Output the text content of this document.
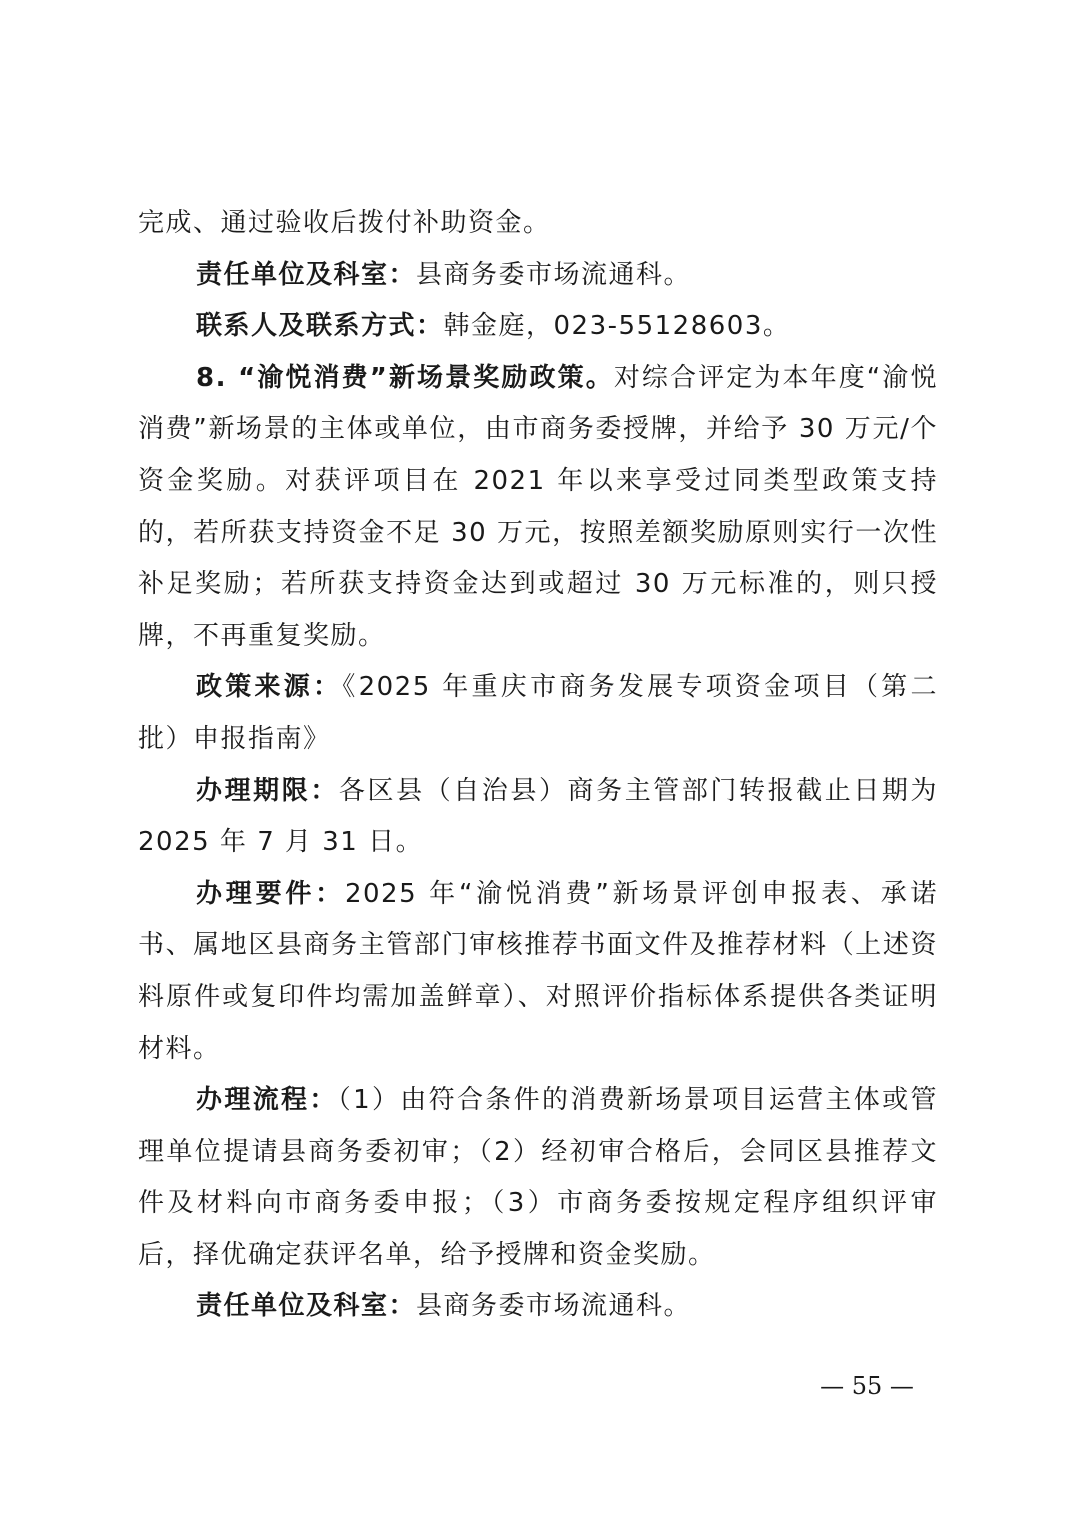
完成、通过验收后拨付补助资金。

责任单位及科室：县商务委市场流通科。

联系人及联系方式：韩金庭，023-55128603。

8. “渝悦消费”新场景奖励政策。对综合评定为本年度“渝悦消费”新场景的主体或单位，由市商务委授牌，并给予 30 万元/个资金奖励。对获评项目在 2021 年以来享受过同类型政策支持的，若所获支持资金不足 30 万元，按照差额奖励原则实行一次性补足奖励；若所获支持资金达到或超过 30 万元标准的，则只授牌，不再重复奖励。

政策来源：《2025 年重庆市商务发展专项资金项目（第二批）申报指南》

办理期限：各区县（自治县）商务主管部门转报截止日期为 2025 年 7 月 31 日。

办理要件：2025 年“渝悦消费”新场景评创申报表、承诺书、属地区县商务主管部门审核推荐书面文件及推荐材料（上述资料原件或复印件均需加盖鲜章）、对照评价指标体系提供各类证明材料。

办理流程：（1）由符合条件的消费新场景项目运营主体或管理单位提请县商务委初审；（2）经初审合格后，会同区县推荐文件及材料向市商务委申报；（3）市商务委按规定程序组织评审后，择优确定获评名单，给予授牌和资金奖励。

责任单位及科室：县商务委市场流通科。

— 55 —
